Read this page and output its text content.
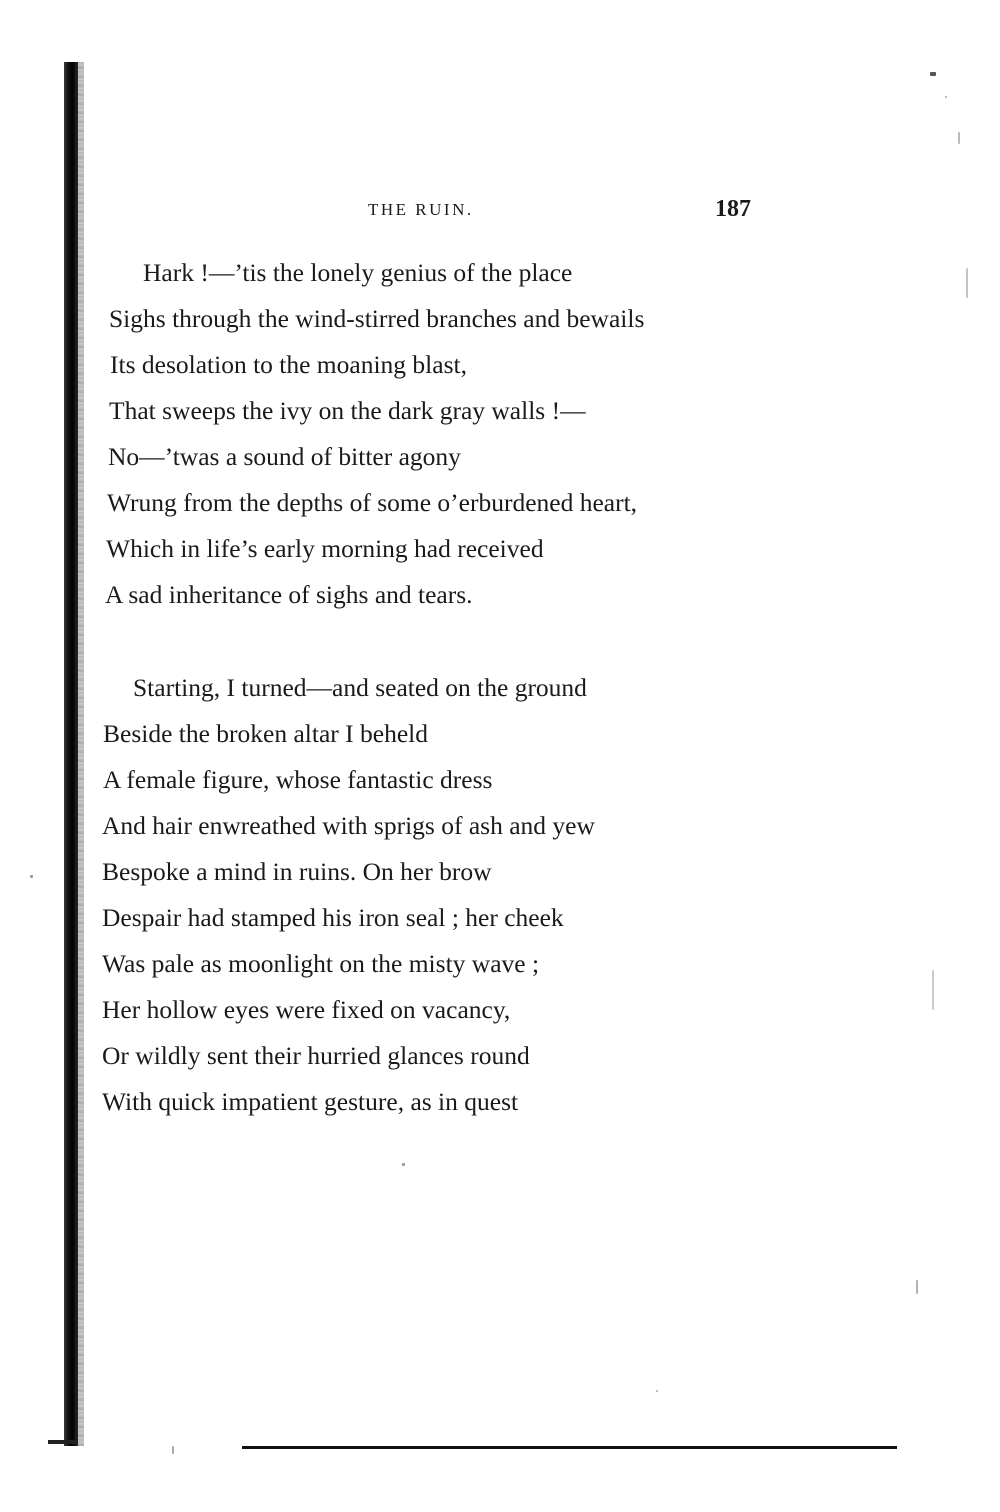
THE RUIN.	187
Hark !—’tis the lonely genius of the place
Sighs through the wind-stirred branches and bewails
Its desolation to the moaning blast,
That sweeps the ivy on the dark gray walls !—
No—’twas a sound of bitter agony
Wrung from the depths of some o’erburdened heart,
Which in life’s early morning had received
A sad inheritance of sighs and tears.
Starting, I turned—and seated on the ground
Beside the broken altar I beheld
A female figure, whose fantastic dress
And hair enwreathed with sprigs of ash and yew
Bespoke a mind in ruins. On her brow
Despair had stamped his iron seal ; her cheek
Was pale as moonlight on the misty wave ;
Her hollow eyes were fixed on vacancy,
Or wildly sent their hurried glances round
With quick impatient gesture, as in quest
